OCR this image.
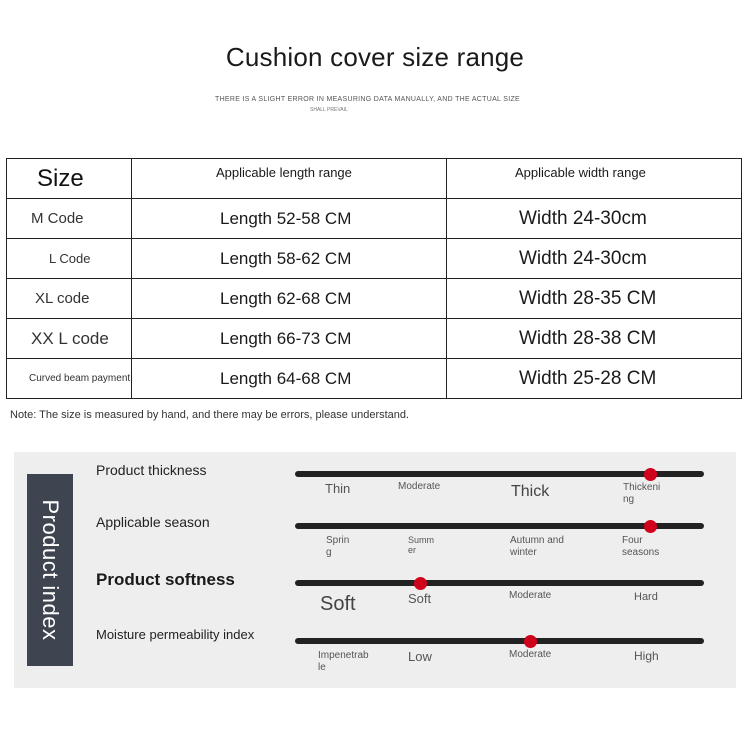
Cushion cover size range
THERE IS A SLIGHT ERROR IN MEASURING DATA MANUALLY, AND THE ACTUAL SIZE
SHALL PREVAIL
Size	Applicable length range	Applicable width range
M Code	Length 52-58 CM	Width 24-30cm
L Code	Length 58-62 CM	Width 24-30cm
XL code	Length 62-68 CM	Width 28-35 CM
XX L code	Length 66-73 CM	Width 28-38 CM
Curved beam payment	Length 64-68 CM	Width 25-28 CM
Note: The size is measured by hand, and there may be errors, please understand.
Product index
Product thickness
Thin	Moderate	Thick	Thickening
Applicable season
Spring
Summer
Autumn and winter
Four seasons
Product softness
Soft	Soft	Moderate	Hard
Moisture permeability index
Impenetrable
Low	Moderate	High
